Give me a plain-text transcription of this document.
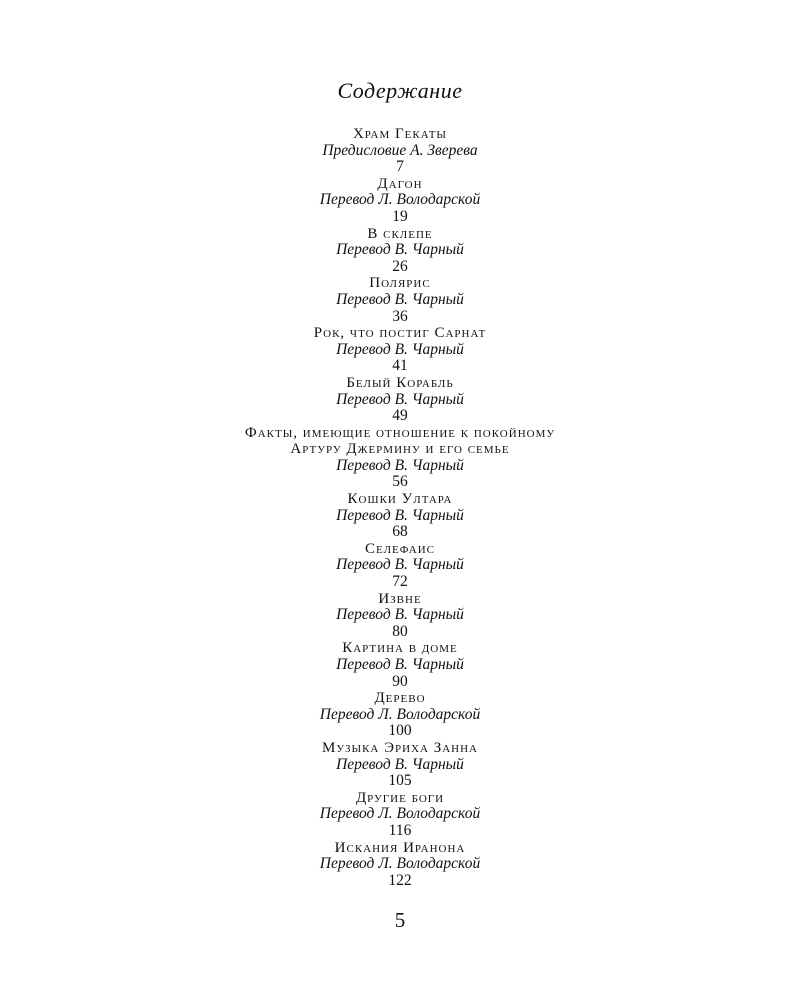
Содержание
Храм Гекаты
Предисловие А. Зверева
7
Дагон
Перевод Л. Володарской
19
В склепе
Перевод В. Чарный
26
Полярис
Перевод В. Чарный
36
Рок, что постиг Сарнат
Перевод В. Чарный
41
Белый Корабль
Перевод В. Чарный
49
Факты, имеющие отношение к покойному
Артуру Джермину и его семье
Перевод В. Чарный
56
Кошки Ултара
Перевод В. Чарный
68
Селефаис
Перевод В. Чарный
72
Извне
Перевод В. Чарный
80
Картина в доме
Перевод В. Чарный
90
Дерево
Перевод Л. Володарской
100
Музыка Эриха Занна
Перевод В. Чарный
105
Другие боги
Перевод Л. Володарской
116
Искания Иранона
Перевод Л. Володарской
122
5
